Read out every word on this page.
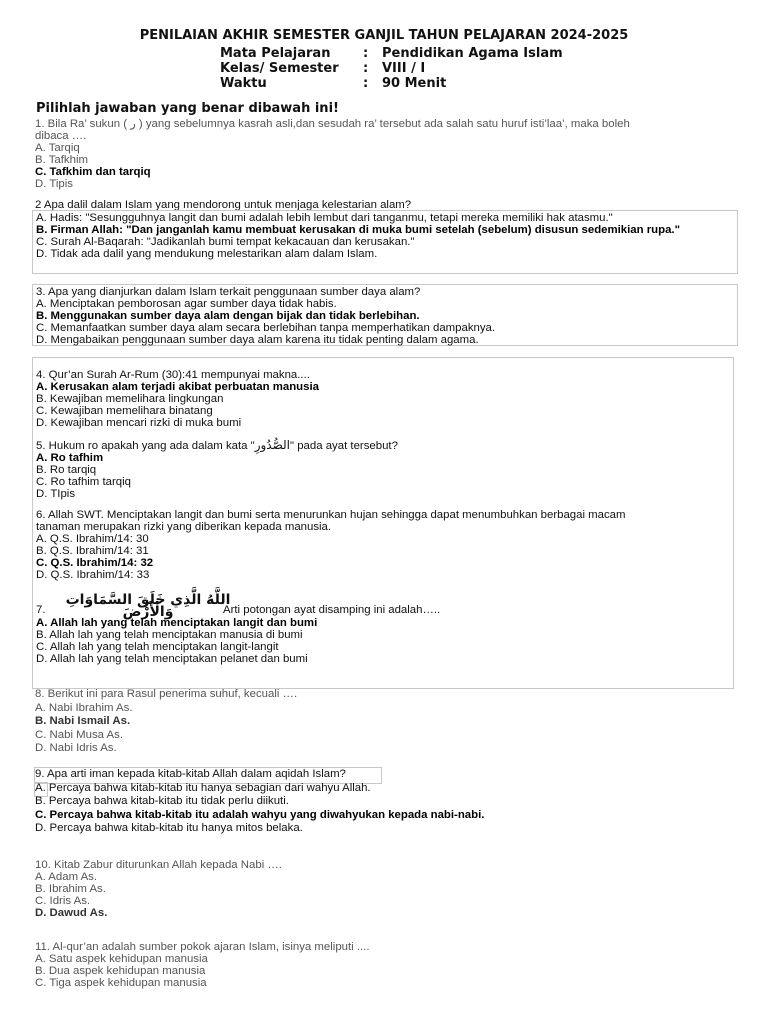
PENILAIAN AKHIR SEMESTER GANJIL TAHUN PELAJARAN 2024-2025
Mata Pelajaran	: Pendidikan Agama Islam
Kelas/ Semester : VIII / I
Waktu	: 90 Menit
Pilihlah jawaban yang benar dibawah ini!

1. Bila Ra’ sukun ( ر ) yang sebelumnya kasrah asli,dan sesudah ra’ tersebut ada salah satu huruf isti’laa’, maka boleh

dibaca ….

A. Tarqiq

B. Tafkhim

C. Tafkhim dan tarqiq

D. Tipis

2 Apa dalil dalam Islam yang mendorong untuk menjaga kelestarian alam?

A. Hadis: "Sesungguhnya langit dan bumi adalah lebih lembut dari tanganmu, tetapi mereka memiliki hak atasmu."

B. Firman Allah: "Dan janganlah kamu membuat kerusakan di muka bumi setelah (sebelum) disusun sedemikian rupa."

C. Surah Al-Baqarah: "Jadikanlah bumi tempat kekacauan dan kerusakan."

D. Tidak ada dalil yang mendukung melestarikan alam dalam Islam.

3. Apa yang dianjurkan dalam Islam terkait penggunaan sumber daya alam?

A. Menciptakan pemborosan agar sumber daya tidak habis.

B. Menggunakan sumber daya alam dengan bijak dan tidak berlebihan.

C. Memanfaatkan sumber daya alam secara berlebihan tanpa memperhatikan dampaknya.

D. Mengabaikan penggunaan sumber daya alam karena itu tidak penting dalam agama.

4. Qur’an Surah Ar-Rum (30):41 mempunyai makna....

A. Kerusakan alam terjadi akibat perbuatan manusia

B. Kewajiban memelihara lingkungan

C. Kewajiban memelihara binatang

D. Kewajiban mencari rizki di muka bumi

5. Hukum ro apakah yang ada dalam kata "الصُّدُورِ" pada ayat tersebut?

A. Ro tafhim

B. Ro tarqiq

C. Ro tafhim tarqiq

D. TIpis

6. Allah SWT. Menciptakan langit dan bumi serta menurunkan hujan sehingga dapat menumbuhkan berbagai macam

tanaman merupakan rizki yang diberikan kepada manusia.

A. Q.S. Ibrahim/14: 30

B. Q.S. Ibrahim/14: 31

C. Q.S. Ibrahim/14: 32

D. Q.S. Ibrahim/14: 33

7.
اللَّهُ الَّذِي خَلَقَ السَّمَاوَاتِ وَالْأَرْضَ	Arti potongan ayat disamping ini adalah…..

A. Allah lah yang telah menciptakan langit dan bumi

B. Allah lah yang telah menciptakan manusia di bumi

C. Allah lah yang telah menciptakan langit-langit

D. Allah lah yang telah menciptakan pelanet dan bumi

8. Berikut ini para Rasul penerima suhuf, kecuali ….

A. Nabi Ibrahim As.

B. Nabi Ismail As.

C. Nabi Musa As.

D. Nabi Idris As.

9. Apa arti iman kepada kitab-kitab Allah dalam aqidah Islam?

A. Percaya bahwa kitab-kitab itu hanya sebagian dari wahyu Allah.

B. Percaya bahwa kitab-kitab itu tidak perlu diikuti.

C. Percaya bahwa kitab-kitab itu adalah wahyu yang diwahyukan kepada nabi-nabi.

D. Percaya bahwa kitab-kitab itu hanya mitos belaka.

10. Kitab Zabur diturunkan Allah kepada Nabi ….

A. Adam As.

B. Ibrahim As.

C. Idris As.

D. Dawud As.

11. Al-qur’an adalah sumber pokok ajaran Islam, isinya meliputi ....

A. Satu aspek kehidupan manusia

B. Dua aspek kehidupan manusia

C. Tiga aspek kehidupan manusia
